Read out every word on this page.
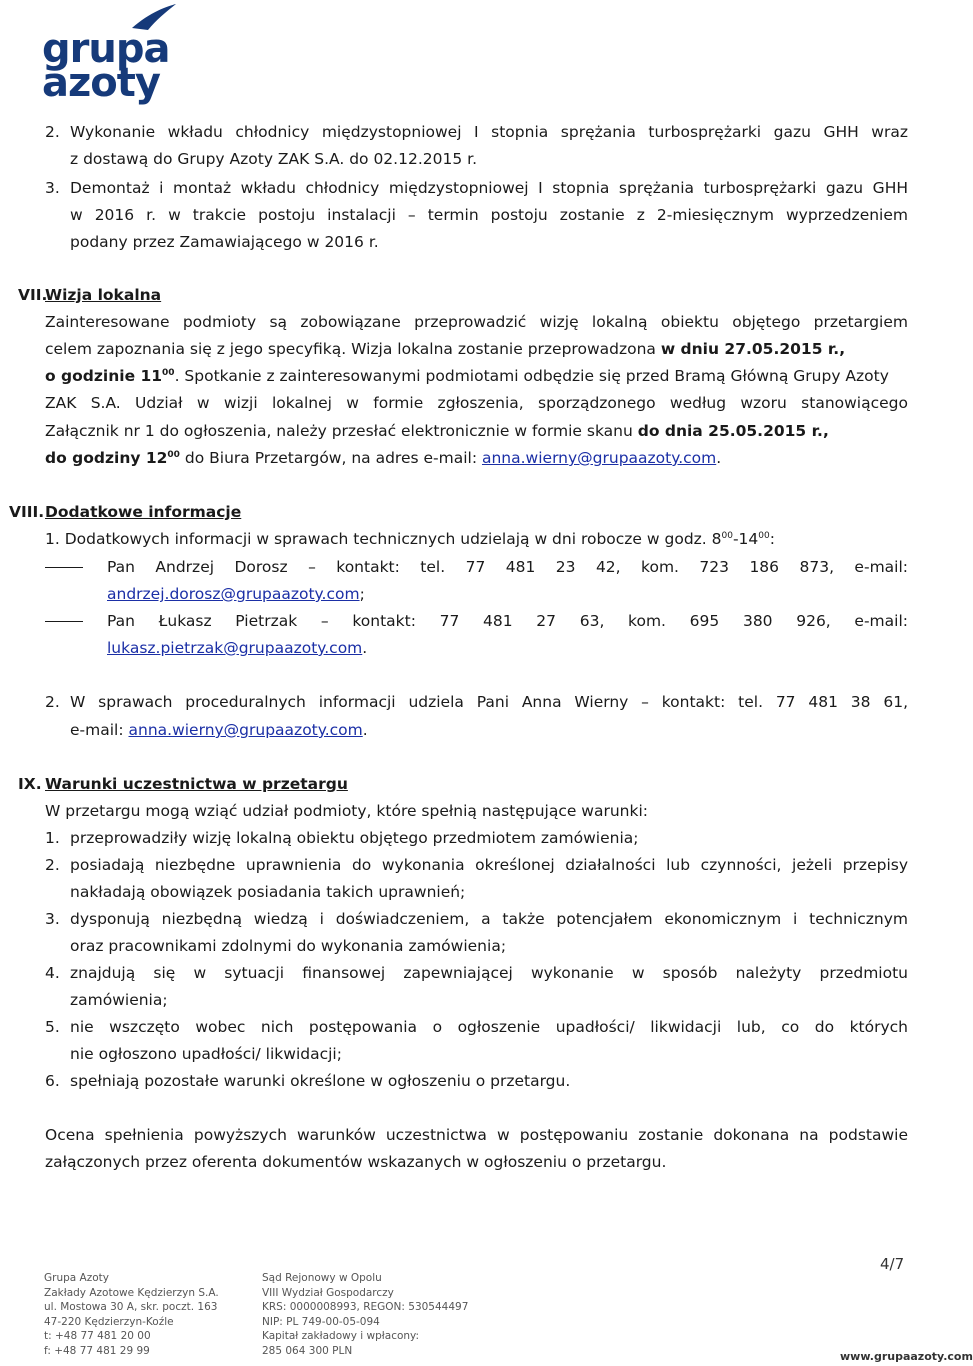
grupa
azoty
2. Wykonanie wkładu chłodnicy międzystopniowej I stopnia sprężania turbosprężarki gazu GHH wraz
z dostawą do Grupy Azoty ZAK S.A. do 02.12.2015 r.
3. Demontaż i montaż wkładu chłodnicy międzystopniowej I stopnia sprężania turbosprężarki gazu GHH
w 2016 r. w trakcie postoju instalacji – termin postoju zostanie z 2-miesięcznym wyprzedzeniem
podany przez Zamawiającego w 2016 r.
VII.
Wizja lokalna
Zainteresowane podmioty są zobowiązane przeprowadzić wizję lokalną obiektu objętego przetargiem
celem zapoznania się z jego specyfiką. Wizja lokalna zostanie przeprowadzona w dniu 27.05.2015 r.,
o godzinie $11^{00}$. Spotkanie z zainteresowanymi podmiotami odbędzie się przed Bramą Główną Grupy Azoty
ZAK S.A. Udział w wizji lokalnej w formie zgłoszenia, sporządzonego według wzoru stanowiącego
Załącznik nr 1 do ogłoszenia, należy przesłać elektronicznie w formie skanu do dnia 25.05.2015 r.,
do godziny $12^{00}$ do Biura Przetargów, na adres e-mail: anna.wierny@grupaazoty.com.
VIII. Dodatkowe informacje
1. Dodatkowych informacji w sprawach technicznych udzielają w dni robocze w godz. $8^{00}-14^{00}$:
Pan Andrzej Dorosz – kontakt: tel. 77 481 23 42, kom. 723 186 873, e-mail:
andrzej.dorosz@grupaazoty.com;
Pan Łukasz Pietrzak – kontakt: 77 481 27 63, kom. 695 380 926, e-mail:
lukasz.pietrzak@grupaazoty.com.
2. W sprawach proceduralnych informacji udziela Pani Anna Wierny – kontakt: tel. 77 481 38 61,
e-mail: anna.wierny@grupaazoty.com.
IX. Warunki uczestnictwa w przetargu
W przetargu mogą wziąć udział podmioty, które spełnią następujące warunki:
1. przeprowadziły wizję lokalną obiektu objętego przedmiotem zamówienia;
2. posiadają niezbędne uprawnienia do wykonania określonej działalności lub czynności, jeżeli przepisy
nakładają obowiązek posiadania takich uprawnień;
3. dysponują niezbędną wiedzą i doświadczeniem, a także potencjałem ekonomicznym i technicznym
oraz pracownikami zdolnymi do wykonania zamówienia;
4. znajdują się w sytuacji finansowej zapewniającej wykonanie w sposób należyty przedmiotu
zamówienia;
5. nie wszczęto wobec nich postępowania o ogłoszenie upadłości/ likwidacji lub, co do których
nie ogłoszono upadłości/ likwidacji;
6. spełniają pozostałe warunki określone w ogłoszeniu o przetargu.
Ocena spełnienia powyższych warunków uczestnictwa w postępowaniu zostanie dokonana na podstawie
załączonych przez oferenta dokumentów wskazanych w ogłoszeniu o przetargu.
4/7
Grupa Azoty
Zakłady Azotowe Kędzierzyn S.A.
ul. Mostowa 30 A, skr. poczt. 163
47-220 Kędzierzyn-Koźle
t: +48 77 481 20 00
f: +48 77 481 29 99
Sąd Rejonowy w Opolu
VIII Wydział Gospodarczy
KRS: 0000008993, REGON: 530544497
NIP: PL 749-00-05-094
Kapitał zakładowy i wpłacony:
285 064 300 PLN	www.grupaazoty.com
